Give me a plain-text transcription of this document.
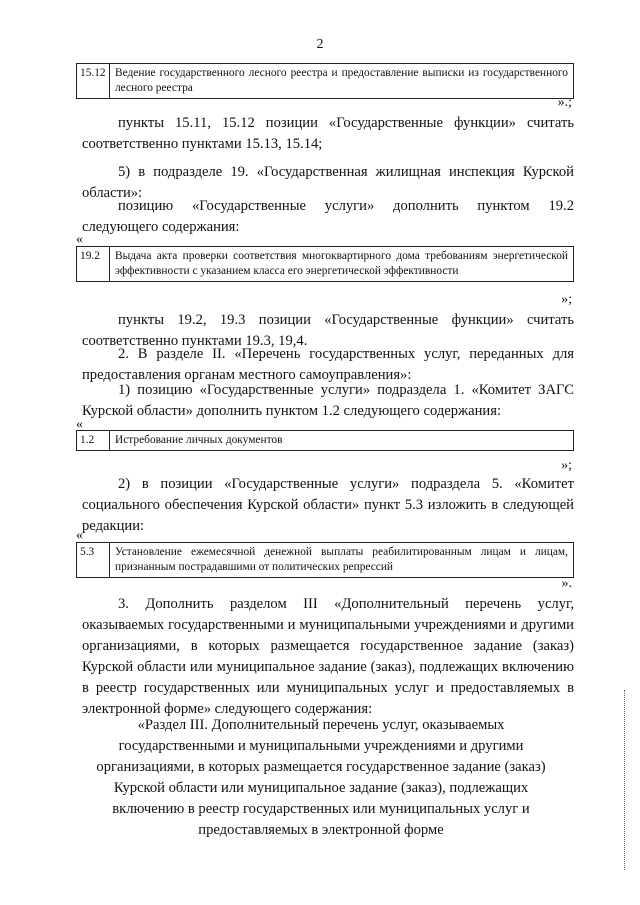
2
15.12 Ведение государственного лесного реестра и предоставление выписки из государственного лесного реестра
».;
пункты 15.11, 15.12 позиции «Государственные функции» считать соответственно пунктами 15.13, 15.14;
5) в подразделе 19. «Государственная жилищная инспекция Курской области»:
позицию «Государственные услуги» дополнить пунктом 19.2 следующего содержания:
«
19.2	Выдача акта проверки соответствия многоквартирного дома требованиям энергетической эффективности с указанием класса его энергетической эффективности
»;
пункты 19.2, 19.3 позиции «Государственные функции» считать соответственно пунктами 19.3, 19,4.
2. В разделе II. «Перечень государственных услуг, переданных для предоставления органам местного самоуправления»:
1) позицию «Государственные услуги» подраздела 1. «Комитет ЗАГС Курской области» дополнить пунктом 1.2 следующего содержания:
«
1.2	Истребование личных документов
»;
2) в позиции «Государственные услуги» подраздела 5. «Комитет социального обеспечения Курской области» пункт 5.3 изложить в следующей редакции:
«
5.3	Установление ежемесячной денежной выплаты реабилитированным лицам и лицам, признанным пострадавшими от политических репрессий
».
3. Дополнить разделом III «Дополнительный перечень услуг, оказываемых государственными и муниципальными учреждениями и другими организациями, в которых размещается государственное задание (заказ) Курской области или муниципальное задание (заказ), подлежащих включению в реестр государственных или муниципальных услуг и предоставляемых в электронной форме» следующего содержания:
«Раздел III. Дополнительный перечень услуг, оказываемых государственными и муниципальными учреждениями и другими организациями, в которых размещается государственное задание (заказ) Курской области или муниципальное задание (заказ), подлежащих включению в реестр государственных или муниципальных услуг и предоставляемых в электронной форме
